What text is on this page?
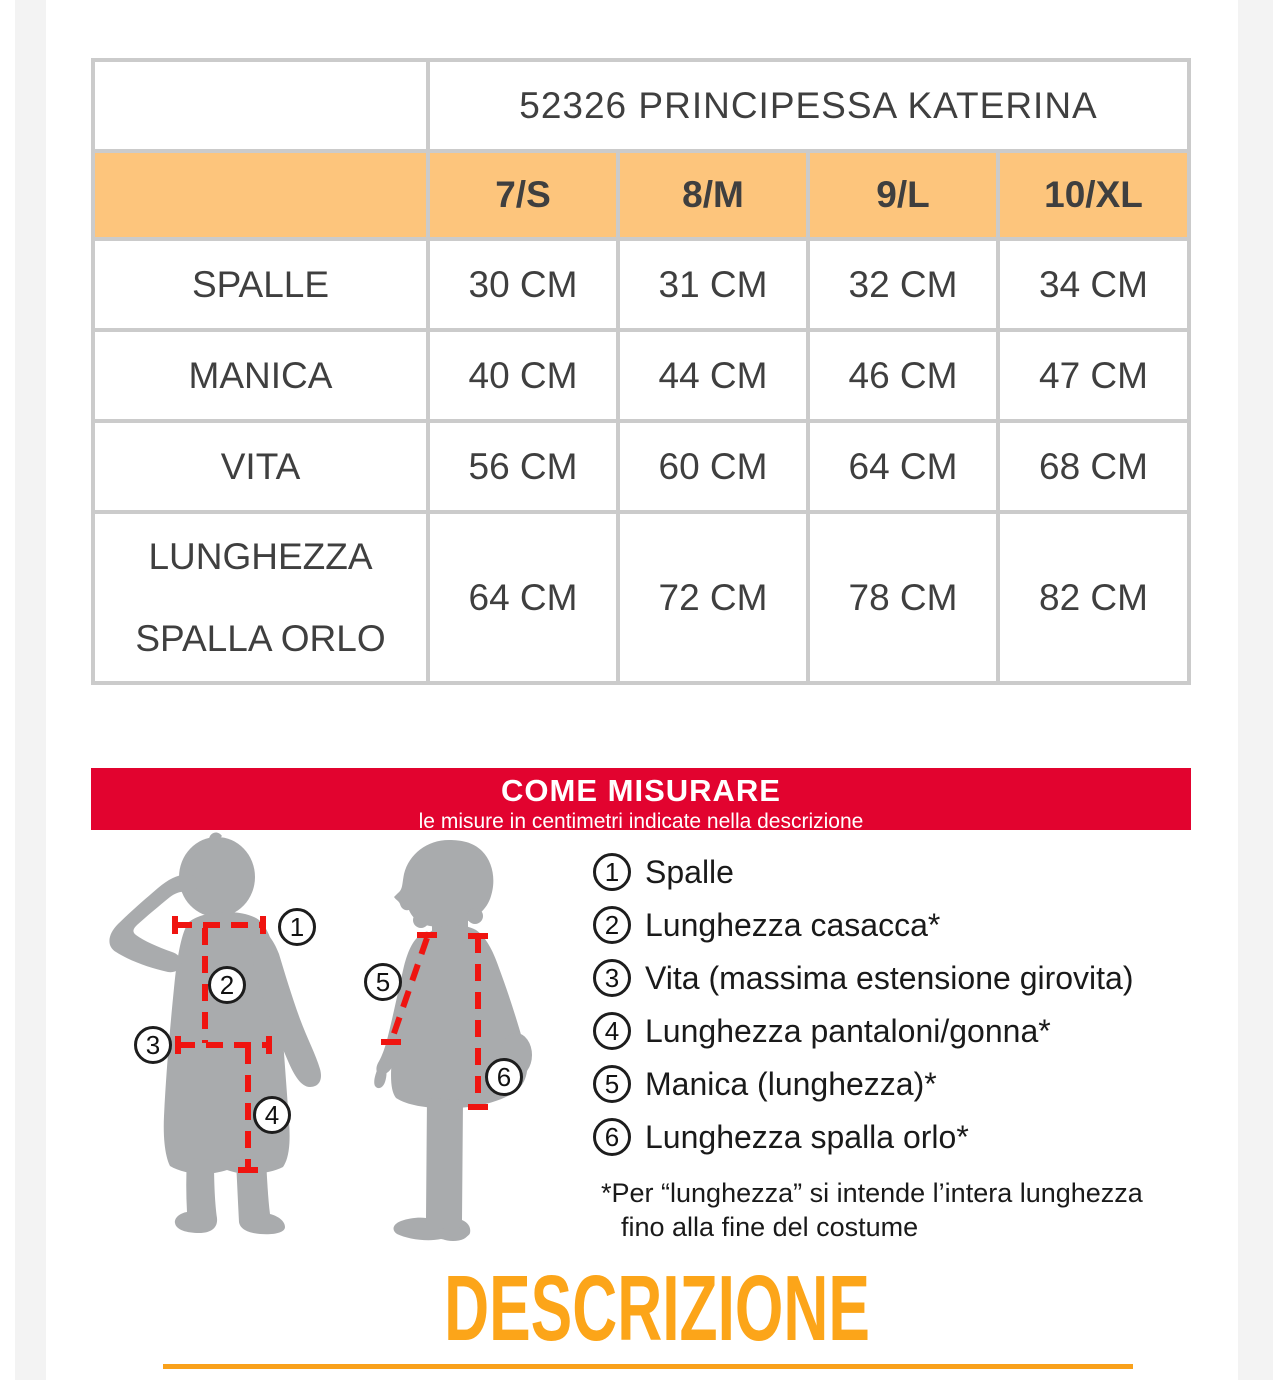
	52326 PRINCIPESSA KATERINA			
	7/S	8/M	9/L	10/XL
SPALLE	30 CM	31 CM	32 CM	34 CM
MANICA	40 CM	44 CM	46 CM	47 CM
VITA	56 CM	60 CM	64 CM	68 CM
LUNGHEZZA SPALLA ORLO	64 CM	72 CM	78 CM	82 CM
COME MISURARE
le misure in centimetri indicate nella descrizione
1
2
3
4
5
6
1 Spalle
2 Lunghezza casacca*
3 Vita (massima estensione girovita)
4 Lunghezza pantaloni/gonna*
5 Manica (lunghezza)*
6 Lunghezza spalla orlo*
*Per “lunghezza” si intende l’intera lunghezza
fino alla fine del costume
DESCRIZIONE
